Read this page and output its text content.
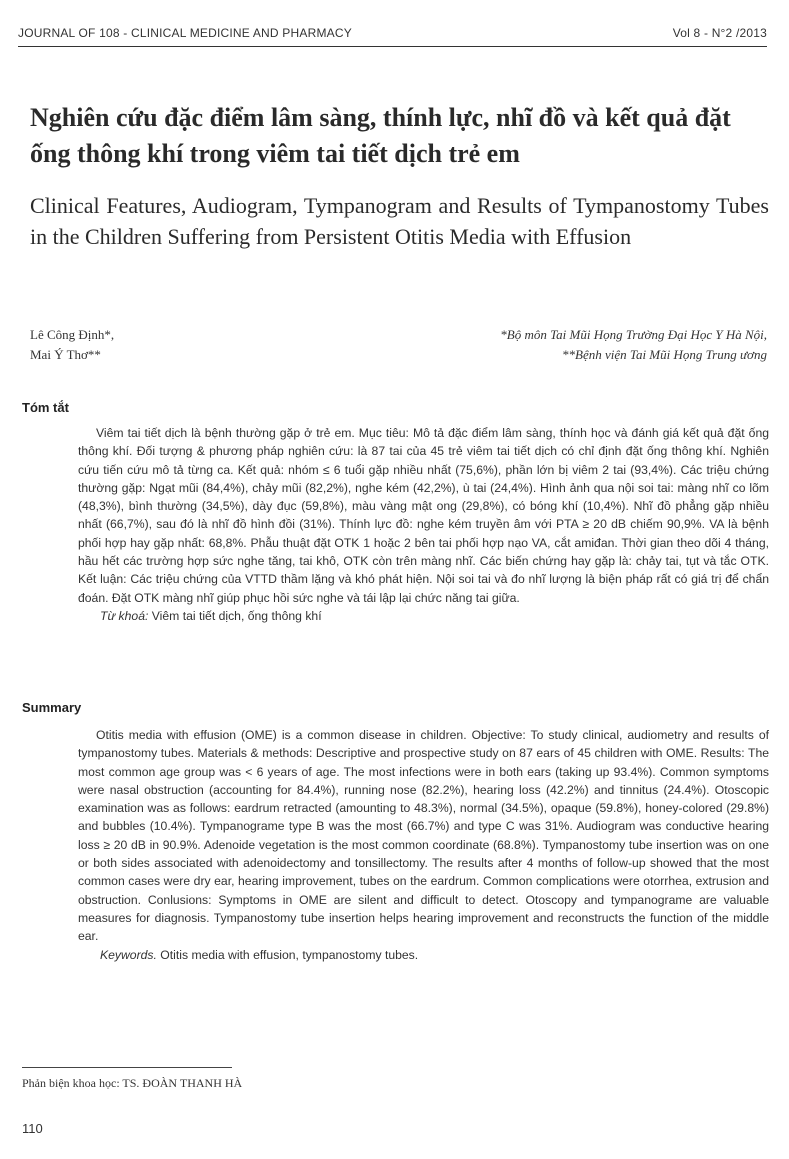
JOURNAL OF 108 - CLINICAL MEDICINE AND PHARMACY	Vol 8 - N°2 /2013
Nghiên cứu đặc điểm lâm sàng, thính lực, nhĩ đồ và kết quả đặt ống thông khí trong viêm tai tiết dịch trẻ em
Clinical Features, Audiogram, Tympanogram and Results of Tympanostomy Tubes in the Children Suffering from Persistent Otitis Media with Effusion
Lê Công Định*,
Mai Ý Thơ**
*Bộ môn Tai Mũi Họng Trường Đại Học Y Hà Nội,
**Bệnh viện Tai Mũi Họng Trung ương
Tóm tắt

Viêm tai tiết dịch là bệnh thường gặp ở trẻ em. Mục tiêu: Mô tả đặc điểm lâm sàng, thính học và đánh giá kết quả đặt ống thông khí. Đối tượng & phương pháp nghiên cứu: là 87 tai của 45 trẻ viêm tai tiết dịch có chỉ định đặt ống thông khí. Nghiên cứu tiến cứu mô tả từng ca. Kết quả: nhóm ≤ 6 tuổi gặp nhiều nhất (75,6%), phần lớn bị viêm 2 tai (93,4%). Các triệu chứng thường gặp: Ngạt mũi (84,4%), chảy mũi (82,2%), nghe kém (42,2%), ù tai (24,4%). Hình ảnh qua nội soi tai: màng nhĩ co lõm (48,3%), bình thường (34,5%), dày đục (59,8%), màu vàng mật ong (29,8%), có bóng khí (10,4%). Nhĩ đồ phẳng gặp nhiều nhất (66,7%), sau đó là nhĩ đồ hình đồi (31%). Thính lực đồ: nghe kém truyền âm với PTA ≥ 20 dB chiếm 90,9%. VA là bệnh phối hợp hay gặp nhất: 68,8%. Phẫu thuật đặt OTK 1 hoặc 2 bên tai phối hợp nạo VA, cắt amiđan. Thời gian theo dõi 4 tháng, hầu hết các trường hợp sức nghe tăng, tai khô, OTK còn trên màng nhĩ. Các biến chứng hay gặp là: chảy tai, tụt và tắc OTK. Kết luận: Các triệu chứng của VTTD thầm lặng và khó phát hiện. Nội soi tai và đo nhĩ lượng là biện pháp rất có giá trị để chẩn đoán. Đặt OTK màng nhĩ giúp phục hồi sức nghe và tái lập lại chức năng tai giữa.

Từ khoá: Viêm tai tiết dịch, ống thông khí

Summary

Otitis media with effusion (OME) is a common disease in children. Objective: To study clinical, audiometry and results of tympanostomy tubes. Materials & methods: Descriptive and prospective study on 87 ears of 45 children with OME. Results: The most common age group was < 6 years of age. The most infections were in both ears (taking up 93.4%). Common symptoms were nasal obstruction (accounting for 84.4%), running nose (82.2%), hearing loss (42.2%) and tinnitus (24.4%). Otoscopic examination was as follows: eardrum retracted (amounting to 48.3%), normal (34.5%), opaque (59.8%), honey-colored (29.8%) and bubbles (10.4%). Tympanograme type B was the most (66.7%) and type C was 31%. Audiogram was conductive hearing loss ≥ 20 dB in 90.9%. Adenoide vegetation is the most common coordinate (68.8%). Tympanostomy tube insertion was on one or both sides associated with adenoidectomy and tonsillectomy. The results after 4 months of follow-up showed that the most common cases were dry ear, hearing improvement, tubes on the eardrum. Common complications were otorrhea, extrusion and obstruction. Conlusions: Symptoms in OME are silent and difficult to detect. Otoscopy and tympanograme are valuable measures for diagnosis. Tympanostomy tube insertion helps hearing improvement and reconstructs the function of the middle ear.

Keywords. Otitis media with effusion, tympanostomy tubes.

Phản biện khoa học: TS. ĐOÀN THANH HÀ
110
